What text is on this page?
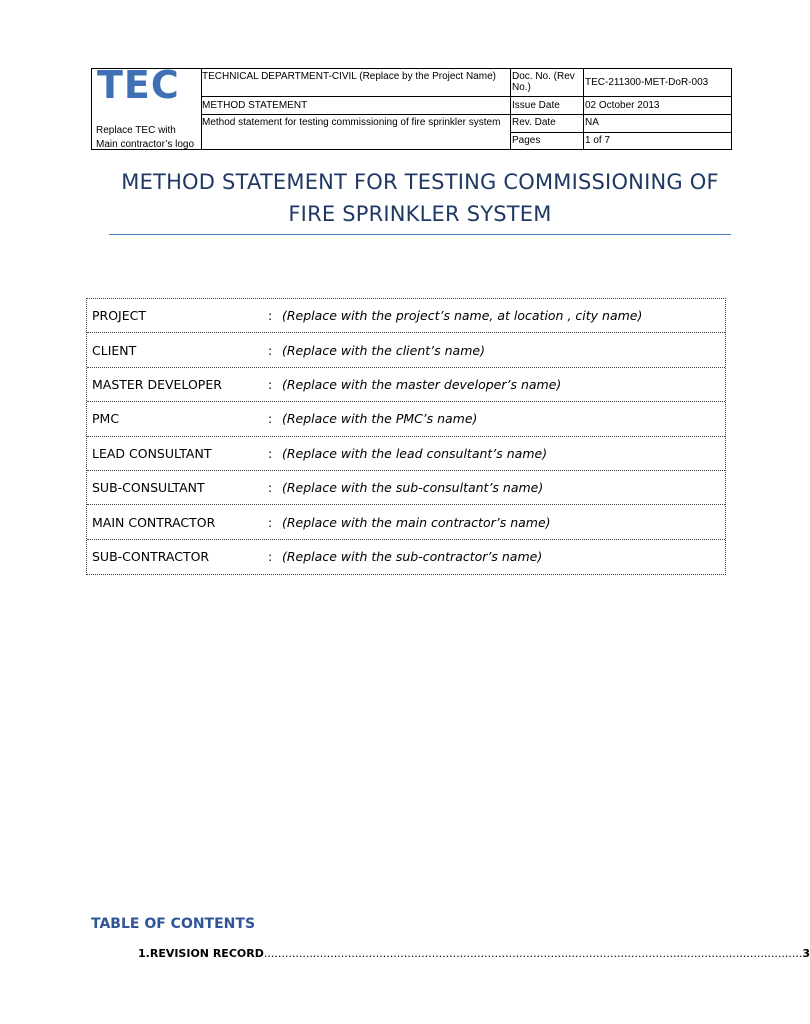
TEC
Replace TEC with
Main contractor’s logo
TECHNICAL DEPARTMENT-CIVIL (Replace by the Project Name)	Doc. No. (Rev No.)	TEC-211300-MET-DoR-003
METHOD STATEMENT	Issue Date	02 October 2013
Method statement for testing commissioning of fire sprinkler system	Rev. Date	NA
Pages	1 of 7
METHOD STATEMENT FOR TESTING COMMISSIONING OF
FIRE SPRINKLER SYSTEM
PROJECT	: (Replace with the project’s name, at location , city name)
CLIENT	: (Replace with the client’s name)
MASTER DEVELOPER	: (Replace with the master developer’s name)
PMC	: (Replace with the PMC’s name)
LEAD CONSULTANT	: (Replace with the lead consultant’s name)
SUB-CONSULTANT	: (Replace with the sub-consultant’s name)
MAIN CONTRACTOR	: (Replace with the main contractor’s name)
SUB-CONTRACTOR	: (Replace with the sub-contractor’s name)
TABLE OF CONTENTS
1. REVISION RECORD .......................................................................................................................................................... 3
